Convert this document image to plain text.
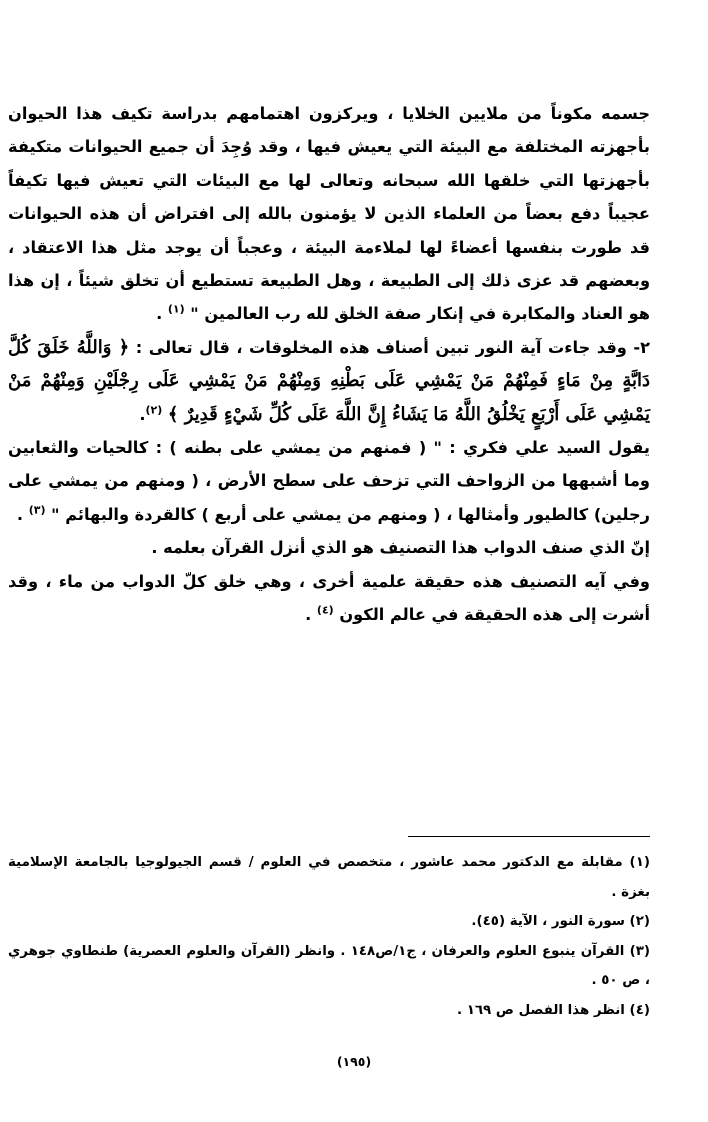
جسمه مكوناً من ملايين الخلايا ، ويركزون اهتمامهم بدراسة تكيف هذا الحيوان بأجهزته المختلفة مع البيئة التي يعيش فيها ، وقد وُجِدَ أن جميع الحيوانات متكيفة بأجهزتها التي خلقها الله سبحانه وتعالى لها مع البيئات التي تعيش فيها تكيفاً عجيباً دفع بعضاً من العلماء الذين لا يؤمنون بالله إلى افتراض أن هذه الحيوانات قد طورت بنفسها أعضاءً لها لملاءمة البيئة ، وعجباً أن يوجد مثل هذا الاعتقاد ، وبعضهم قد عزى ذلك إلى الطبيعة ، وهل الطبيعة تستطيع أن تخلق شيئاً ، إن هذا هو العناد والمكابرة في إنكار صفة الخلق لله رب العالمين " $^{(١)}$ .

٢- وقد جاءت آية النور تبين أصناف هذه المخلوقات ، قال تعالى : ﴿ وَاللَّهُ خَلَقَ كُلَّ دَابَّةٍ مِنْ مَاءٍ فَمِنْهُمْ مَنْ يَمْشِي عَلَى بَطْنِهِ وَمِنْهُمْ مَنْ يَمْشِي عَلَى رِجْلَيْنِ وَمِنْهُمْ مَنْ يَمْشِي عَلَى أَرْبَعٍ يَخْلُقُ اللَّهُ مَا يَشَاءُ إِنَّ اللَّهَ عَلَى كُلِّ شَيْءٍ قَدِيرٌ ﴾ $^{(٢)}$.

يقول السيد علي فكري : " ( فمنهم من يمشي على بطنه ) : كالحيات والثعابين وما أشبهها من الزواحف التي تزحف على سطح الأرض ، ( ومنهم من يمشي على رجلين) كالطيور وأمثالها ، ( ومنهم من يمشي على أربع ) كالقردة والبهائم " $^{(٣)}$ .

إنّ الذي صنف الدواب هذا التصنيف هو الذي أنزل القرآن بعلمه .

وفي آيه التصنيف هذه حقيقة علمية أخرى ، وهي خلق كلّ الدواب من ماء ، وقد أشرت إلى هذه الحقيقة في عالم الكون $^{(٤)}$ .

(١) مقابلة مع الدكتور محمد عاشور ، متخصص في العلوم / قسم الجيولوجيا بالجامعة الإسلامية بغزة .

(٢) سورة النور ، الآية (٤٥).

(٣) القرآن ينبوع العلوم والعرفان ، ج١/ص١٤٨ . وانظر (القرآن والعلوم العصرية) طنطاوي جوهري ، ص ٥٠ .

(٤) انظر هذا الفصل ص ١٦٩ .

(١٩٥)
